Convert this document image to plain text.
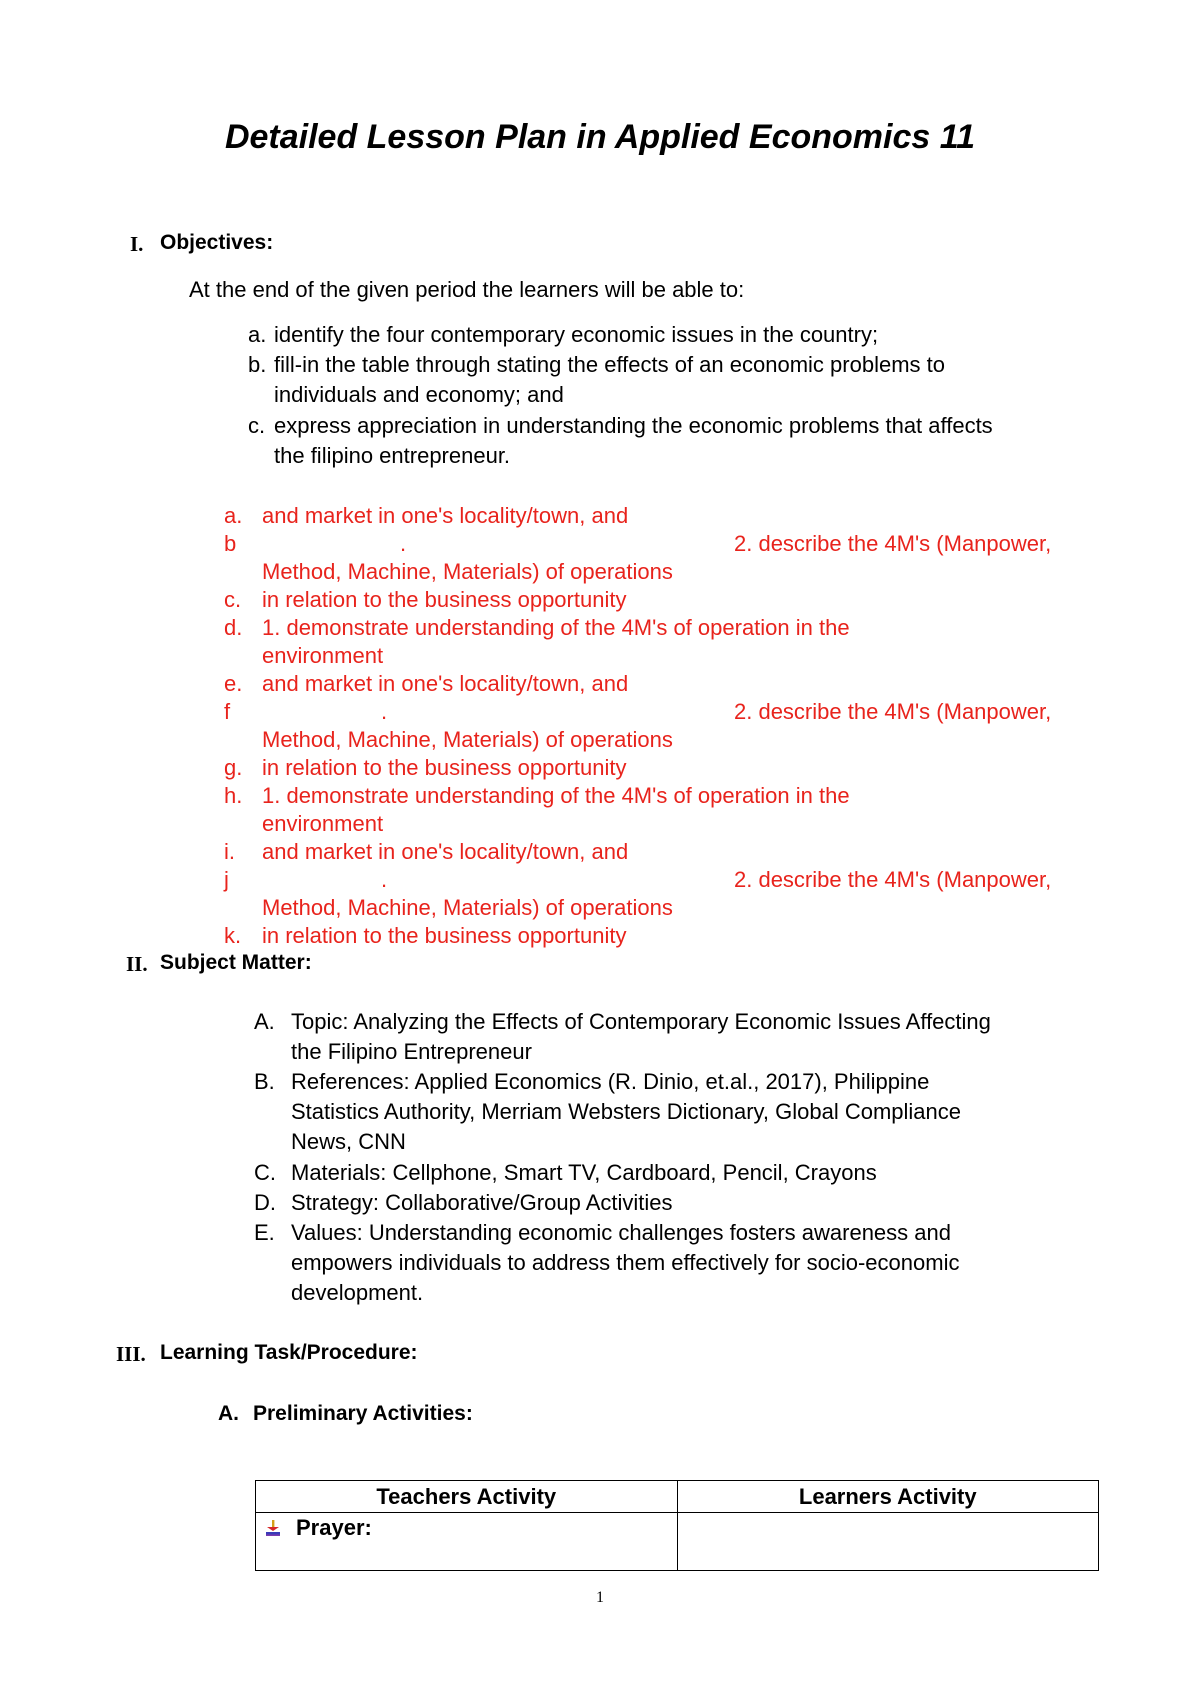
Detailed Lesson Plan in Applied Economics 11
I. Objectives:
At the end of the given period the learners will be able to:
a. identify the four contemporary economic issues in the country;
b. fill-in the table through stating the effects of an economic problems to
individuals and economy; and
c. express appreciation in understanding the economic problems that affects
the filipino entrepreneur.
a. and market in one's locality/town, and
b	.	2. describe the 4M's (Manpower,
Method, Machine, Materials) of operations
c. in relation to the business opportunity
d. 1. demonstrate understanding of the 4M's of operation in the
environment
e. and market in one's locality/town, and
f	.	2. describe the 4M's (Manpower,
Method, Machine, Materials) of operations
g. in relation to the business opportunity
h. 1. demonstrate understanding of the 4M's of operation in the
environment
i. and market in one's locality/town, and
j	.	2. describe the 4M's (Manpower,
Method, Machine, Materials) of operations
k. in relation to the business opportunity
II. Subject Matter:
A. Topic: Analyzing the Effects of Contemporary Economic Issues Affecting
the Filipino Entrepreneur
B. References: Applied Economics (R. Dinio, et.al., 2017), Philippine
Statistics Authority, Merriam Websters Dictionary, Global Compliance
News, CNN
C. Materials: Cellphone, Smart TV, Cardboard, Pencil, Crayons
D. Strategy: Collaborative/Group Activities
E. Values: Understanding economic challenges fosters awareness and
empowers individuals to address them effectively for socio-economic
development.
III. Learning Task/Procedure:
A. Preliminary Activities:
Teachers Activity	Learners Activity
Prayer:	
1
